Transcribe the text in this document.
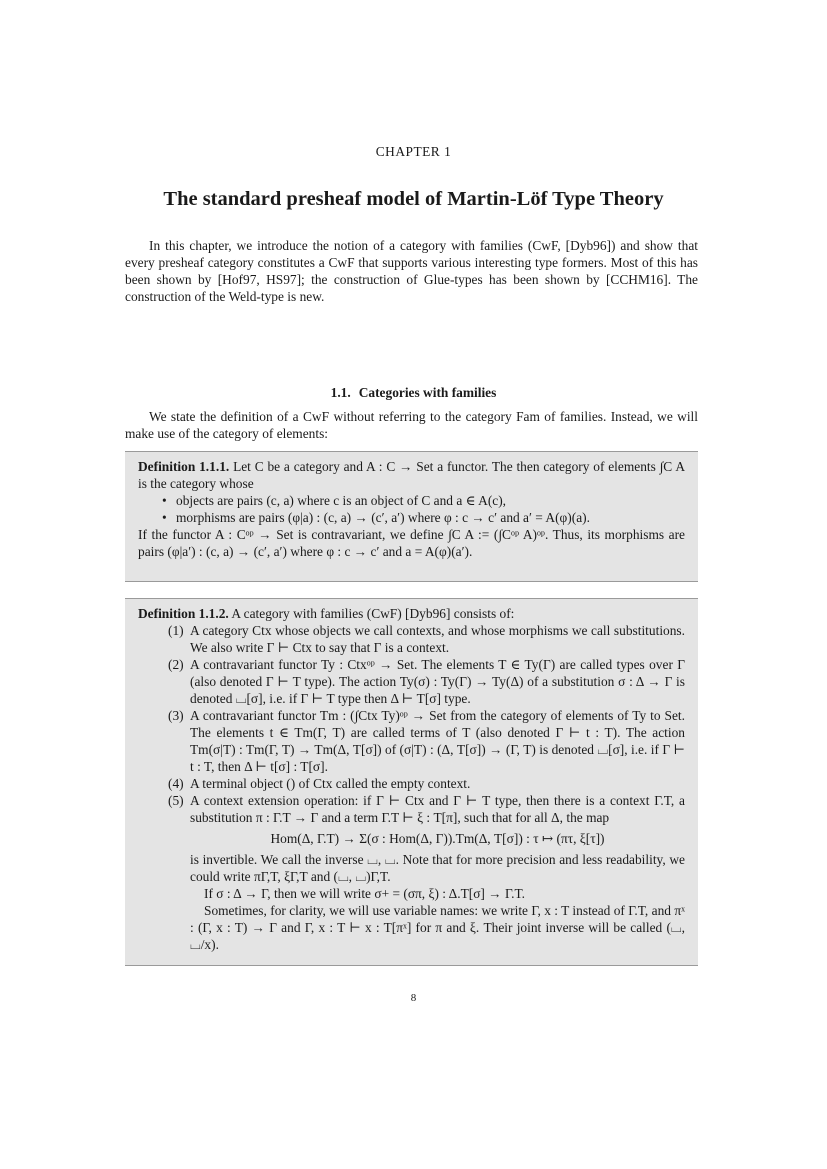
CHAPTER 1
The standard presheaf model of Martin-Löf Type Theory

In this chapter, we introduce the notion of a category with families (CwF, [Dyb96]) and show that every presheaf category constitutes a CwF that supports various interesting type formers. Most of this has been shown by [Hof97, HS97]; the construction of Glue-types has been shown by [CCHM16]. The construction of the Weld-type is new.

1.1. Categories with families

We state the definition of a CwF without referring to the category Fam of families. Instead, we will make use of the category of elements:

Definition 1.1.1. Let C be a category and A : C → Set a functor. The then category of elements ∫C A is the category whose

• objects are pairs (c, a) where c is an object of C and a ∈ A(c),
• morphisms are pairs (φ|a) : (c, a) → (c′, a′) where φ : c → c′ and a′ = A(φ)(a).

If the functor A : Cᵒᵖ → Set is contravariant, we define ∫C A := (∫Cᵒᵖ A)ᵒᵖ. Thus, its morphisms are pairs (φ|a′) : (c, a) → (c′, a′) where φ : c → c′ and a = A(φ)(a′).

Definition 1.1.2. A category with families (CwF) [Dyb96] consists of:

(1) A category Ctx whose objects we call contexts, and whose morphisms we call substitutions. We also write Γ ⊢ Ctx to say that Γ is a context.
(2) A contravariant functor Ty : Ctxᵒᵖ → Set. The elements T ∈ Ty(Γ) are called types over Γ (also denoted Γ ⊢ T type). The action Ty(σ) : Ty(Γ) → Ty(Δ) of a substitution σ : Δ → Γ is denoted ⌴[σ], i.e. if Γ ⊢ T type then Δ ⊢ T[σ] type.
(3) A contravariant functor Tm : (∫Ctx Ty)ᵒᵖ → Set from the category of elements of Ty to Set. The elements t ∈ Tm(Γ, T) are called terms of T (also denoted Γ ⊢ t : T). The action Tm(σ|T) : Tm(Γ, T) → Tm(Δ, T[σ]) of (σ|T) : (Δ, T[σ]) → (Γ, T) is denoted ⌴[σ], i.e. if Γ ⊢ t : T, then Δ ⊢ t[σ] : T[σ].
(4) A terminal object () of Ctx called the empty context.
(5) A context extension operation: if Γ ⊢ Ctx and Γ ⊢ T type, then there is a context Γ.T, a substitution π : Γ.T → Γ and a term Γ.T ⊢ ξ : T[π], such that for all Δ, the map
Hom(Δ, Γ.T) → Σ(σ : Hom(Δ, Γ)).Tm(Δ, T[σ]) : τ ↦ (πτ, ξ[τ])
is invertible. We call the inverse ⌴, ⌴. Note that for more precision and less readability, we could write πΓ,T, ξΓ,T and (⌴, ⌴)Γ,T.
If σ : Δ → Γ, then we will write σ+ = (σπ, ξ) : Δ.T[σ] → Γ.T.
Sometimes, for clarity, we will use variable names: we write Γ, x : T instead of Γ.T, and πˣ : (Γ, x : T) → Γ and Γ, x : T ⊢ x : T[πˣ] for π and ξ. Their joint inverse will be called (⌴, ⌴/x).
8
